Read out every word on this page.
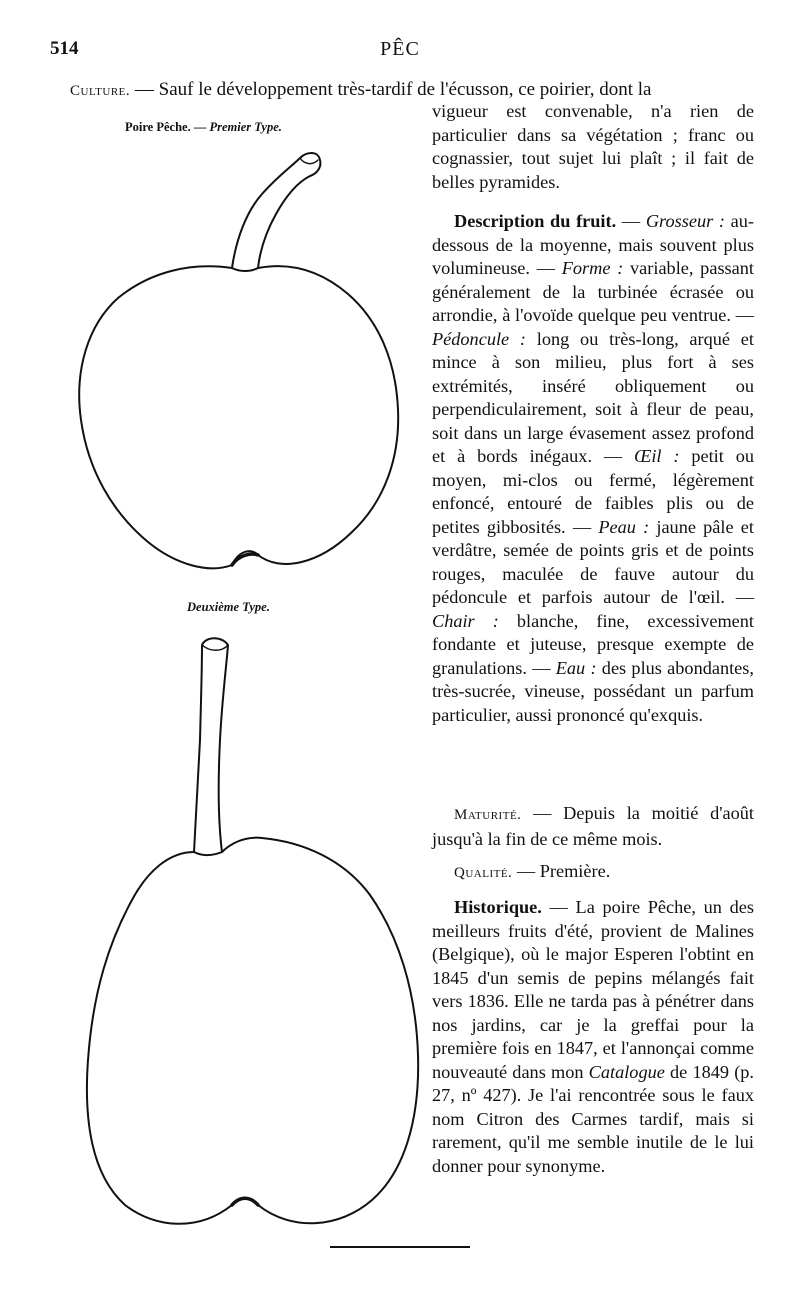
514	PÊC
Culture. — Sauf le développement très-tardif de l'écusson, ce poirier, dont la
Poire Pêche. — Premier Type.
Deuxième Type.

vigueur est convenable, n'a rien de particulier dans sa végétation ; franc ou cognassier, tout sujet lui plaît ; il fait de belles pyramides.

Description du fruit. — Grosseur : au-dessous de la moyenne, mais souvent plus volumineuse. — Forme : variable, passant généralement de la turbinée écrasée ou arrondie, à l'ovoïde quelque peu ventrue. — Pédoncule : long ou très-long, arqué et mince à son milieu, plus fort à ses extrémités, inséré obliquement ou perpendiculairement, soit à fleur de peau, soit dans un large évasement assez profond et à bords inégaux. — Œil : petit ou moyen, mi-clos ou fermé, légèrement enfoncé, entouré de faibles plis ou de petites gibbosités. — Peau : jaune pâle et verdâtre, semée de points gris et de points rouges, maculée de fauve autour du pédoncule et parfois autour de l'œil. — Chair : blanche, fine, excessivement fondante et juteuse, presque exempte de granulations. — Eau : des plus abondantes, très-sucrée, vineuse, possédant un parfum particulier, aussi prononcé qu'exquis.

Maturité. — Depuis la moitié d'août jusqu'à la fin de ce même mois.

Qualité. — Première.

Historique. — La poire Pêche, un des meilleurs fruits d'été, provient de Malines (Belgique), où le major Esperen l'obtint en 1845 d'un semis de pepins mélangés fait vers 1836. Elle ne tarda pas à pénétrer dans nos jardins, car je la greffai pour la première fois en 1847, et l'annonçai comme nouveauté dans mon Catalogue de 1849 (p. 27, nº 427). Je l'ai rencontrée sous le faux nom Citron des Carmes tardif, mais si rarement, qu'il me semble inutile de le lui donner pour synonyme.
